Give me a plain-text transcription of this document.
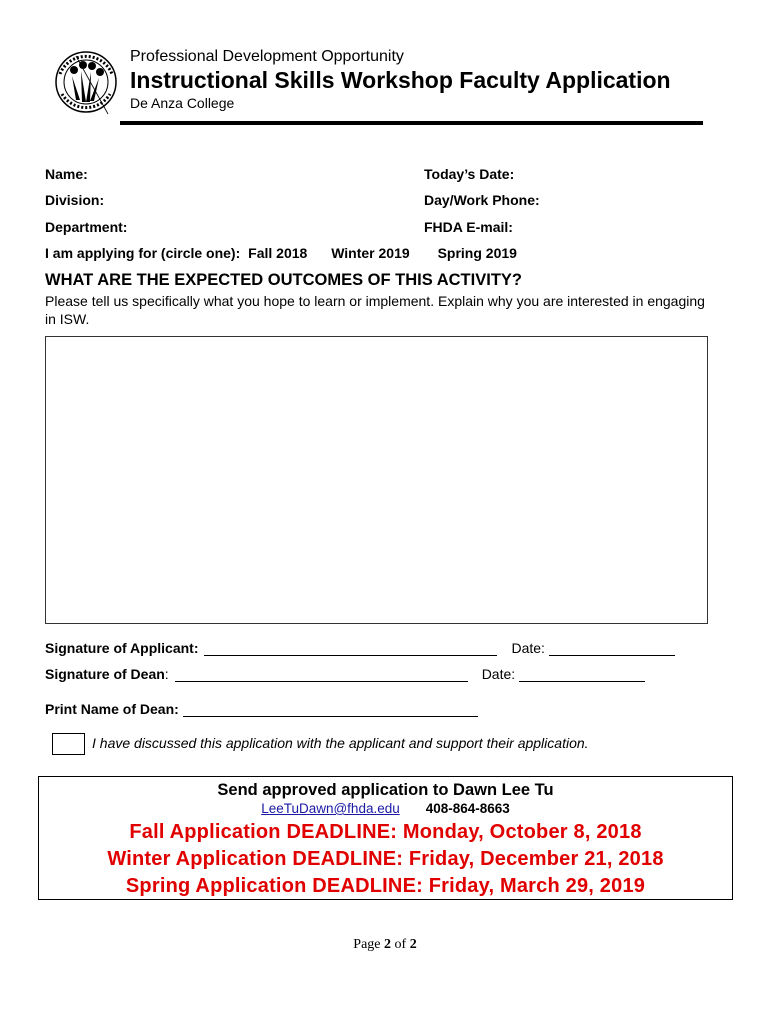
Professional Development Opportunity
Instructional Skills Workshop Faculty Application
De Anza College
Name:	Today’s Date:
Division:	Day/Work Phone:
Department:	FHDA E-mail:
I am applying for (circle one): Fall 2018 Winter 2019 Spring 2019
WHAT ARE THE EXPECTED OUTCOMES OF THIS ACTIVITY?
Please tell us specifically what you hope to learn or implement. Explain why you are interested in engaging in ISW.
Signature of Applicant:	Date:
Signature of Dean:	Date:
Print Name of Dean:
I have discussed this application with the applicant and support their application.
Send approved application to Dawn Lee Tu
LeeTuDawn@fhda.edu 408-864-8663
Fall Application DEADLINE: Monday, October 8, 2018
Winter Application DEADLINE: Friday, December 21, 2018
Spring Application DEADLINE: Friday, March 29, 2019
Page 2 of 2
